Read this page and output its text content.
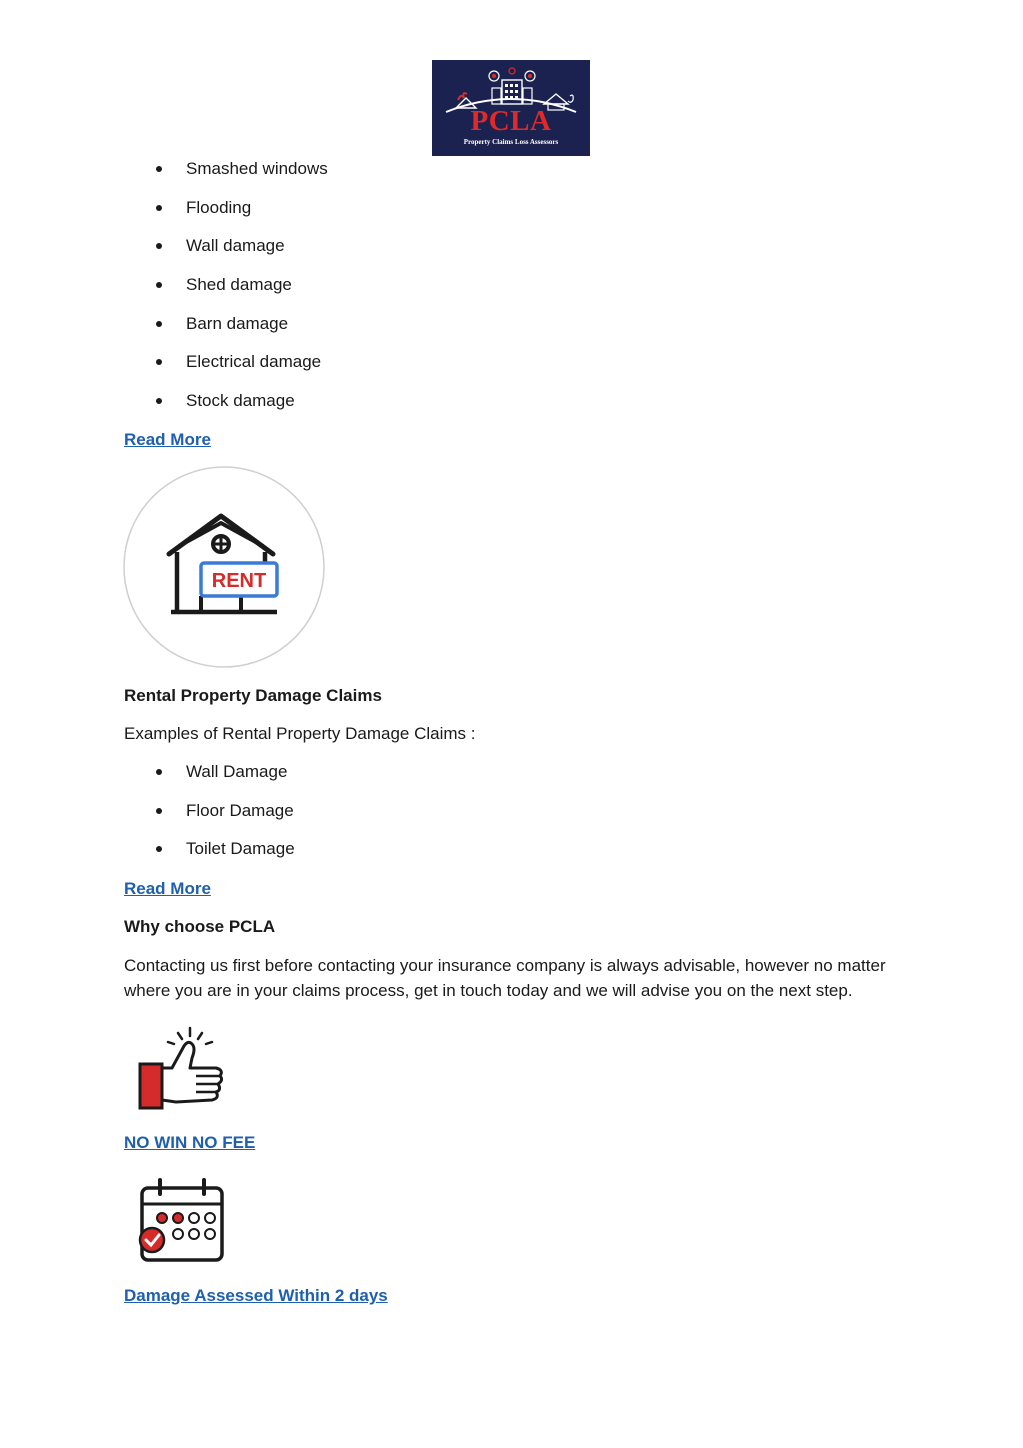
PCLA
Property Claims Loss Assessors
Smashed windows
Flooding
Wall damage
Shed damage
Barn damage
Electrical damage
Stock damage
Read More
RENT
Rental Property Damage Claims
Examples of Rental Property Damage Claims :
Wall Damage
Floor Damage
Toilet Damage
Read More
Why choose PCLA
Contacting us first before contacting your insurance company is always advisable, however no matter where you are in your claims process, get in touch today and we will advise you on the next step.
NO WIN NO FEE
Damage Assessed Within 2 days
